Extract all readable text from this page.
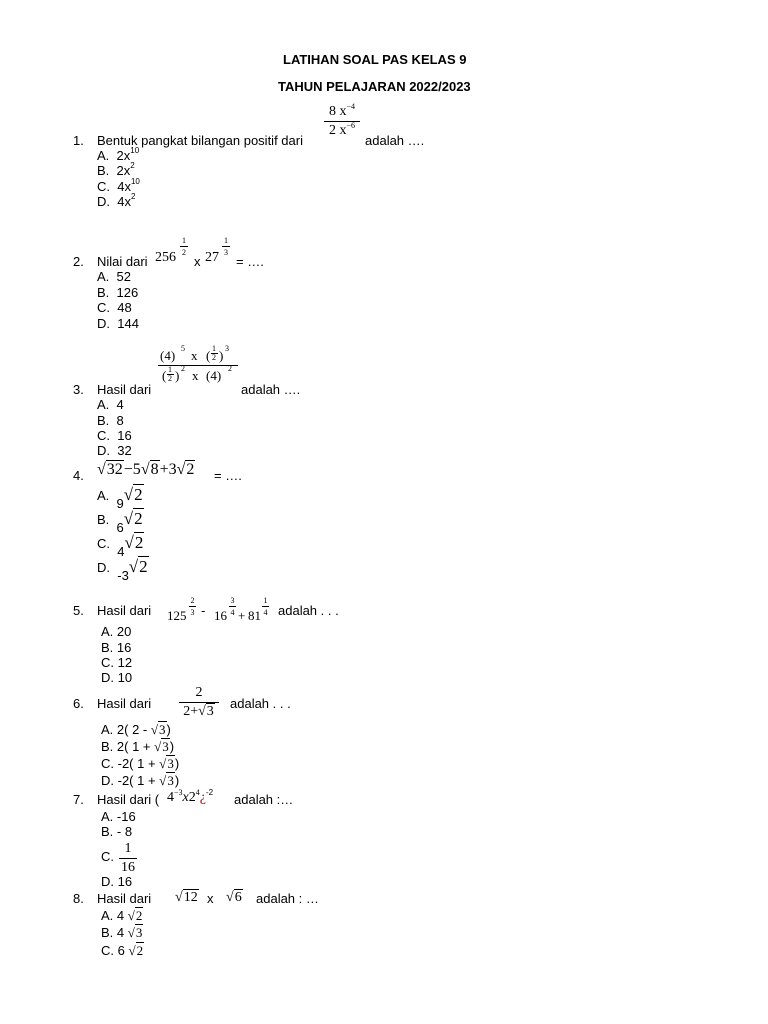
LATIHAN SOAL PAS KELAS 9
TAHUN PELAJARAN 2022/2023
1. Bentuk pangkat bilangan positif dari
8 $x^{-4}$
2 $x^{-6}$
adalah ….
A. $2x^{10}$
B. $2x^2$
C. $4x^{10}$
D. $4x^2$
2. Nilai dari 256
1
2
x 27
1
3
= ….
A. 52
B. 126
C. 48
D. 144
3. Hasil dari
(4) 5 x ( 1
2 ) 3
( 1
2 ) 2 x (4) 2
adalah ….
A. 4
B. 8
C. 16
D. 32
4. √32−5√8+3√2 = ….
A.  9√2
B.  6√2
C.  4√2
D.  -3√2
5. Hasil dari 125
2
3 - 16
3
4 + 81
1
4 adalah . . .
A. 20
B. 16
C. 12
D. 10
6. Hasil dari
2
2+√3
adalah . . .
A. 2( 2 - √3)
B. 2( 1 + √3)
C. -2( 1 + √3)
D. -2( 1 + √3)
7. Hasil dari ( $4^{-3}x2^4¿^{-2}$ adalah :…
A. -16
B. - 8
C.
1
16
D. 16
8. Hasil dari √12 x √6 adalah : …
A. 4 √2
B. 4 √3
C. 6 √2
